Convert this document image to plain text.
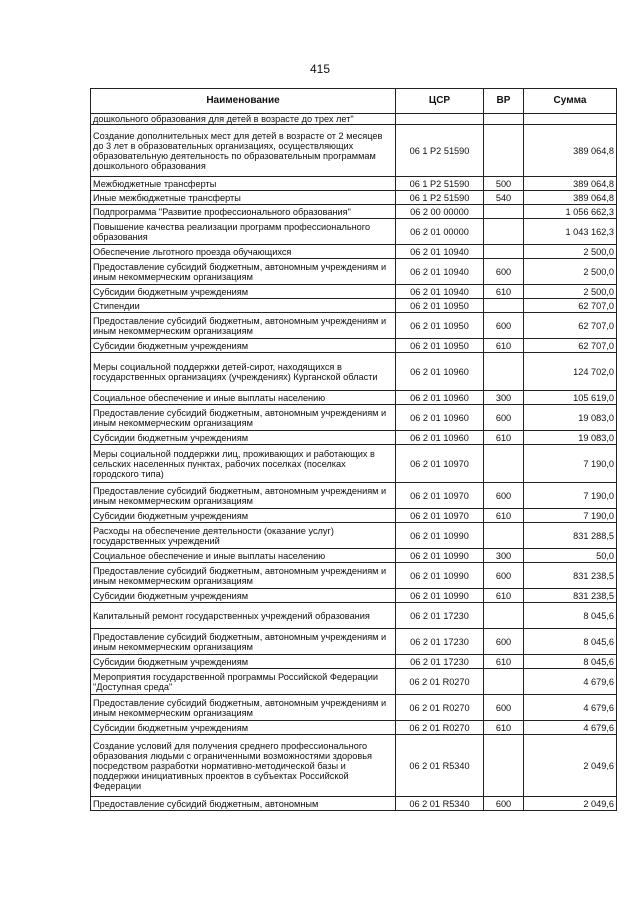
415
Наименование	ЦСР	ВР	Сумма
дошкольного образования для детей в возрасте до трех лет"			
Создание дополнительных мест для детей в возрасте от 2 месяцев до 3 лет в образовательных организациях, осуществляющих образовательную деятельность по образовательным программам дошкольного образования	06 1 P2 51590		389 064,8
Межбюджетные трансферты	06 1 P2 51590	500	389 064,8
Иные межбюджетные трансферты	06 1 P2 51590	540	389 064,8
Подпрограмма "Развитие профессионального образования"	06 2 00 00000		1 056 662,3
Повышение качества реализации программ профессионального образования	06 2 01 00000		1 043 162,3
Обеспечение льготного проезда обучающихся	06 2 01 10940		2 500,0
Предоставление субсидий бюджетным, автономным учреждениям и иным некоммерческим организациям	06 2 01 10940	600	2 500,0
Субсидии бюджетным учреждениям	06 2 01 10940	610	2 500,0
Стипендии	06 2 01 10950		62 707,0
Предоставление субсидий бюджетным, автономным учреждениям и иным некоммерческим организациям	06 2 01 10950	600	62 707,0
Субсидии бюджетным учреждениям	06 2 01 10950	610	62 707,0
Меры социальной поддержки детей-сирот, находящихся в государственных организациях (учреждениях) Курганской области	06 2 01 10960		124 702,0
Социальное обеспечение и иные выплаты населению	06 2 01 10960	300	105 619,0
Предоставление субсидий бюджетным, автономным учреждениям и иным некоммерческим организациям	06 2 01 10960	600	19 083,0
Субсидии бюджетным учреждениям	06 2 01 10960	610	19 083,0
Меры социальной поддержки лиц, проживающих и работающих в сельских населенных пунктах, рабочих поселках (поселках городского типа)	06 2 01 10970		7 190,0
Предоставление субсидий бюджетным, автономным учреждениям и иным некоммерческим организациям	06 2 01 10970	600	7 190,0
Субсидии бюджетным учреждениям	06 2 01 10970	610	7 190,0
Расходы на обеспечение деятельности (оказание услуг) государственных учреждений	06 2 01 10990		831 288,5
Социальное обеспечение и иные выплаты населению	06 2 01 10990	300	50,0
Предоставление субсидий бюджетным, автономным учреждениям и иным некоммерческим организациям	06 2 01 10990	600	831 238,5
Субсидии бюджетным учреждениям	06 2 01 10990	610	831 238,5
Капитальный ремонт государственных учреждений образования	06 2 01 17230		8 045,6
Предоставление субсидий бюджетным, автономным учреждениям и иным некоммерческим организациям	06 2 01 17230	600	8 045,6
Субсидии бюджетным учреждениям	06 2 01 17230	610	8 045,6
Мероприятия государственной программы Российской Федерации "Доступная среда"	06 2 01 R0270		4 679,6
Предоставление субсидий бюджетным, автономным учреждениям и иным некоммерческим организациям	06 2 01 R0270	600	4 679,6
Субсидии бюджетным учреждениям	06 2 01 R0270	610	4 679,6
Создание условий для получения среднего профессионального образования людьми с ограниченными возможностями здоровья посредством разработки нормативно-методической базы и поддержки инициативных проектов в субъектах Российской Федерации	06 2 01 R5340		2 049,6
Предоставление субсидий бюджетным, автономным	06 2 01 R5340	600	2 049,6
